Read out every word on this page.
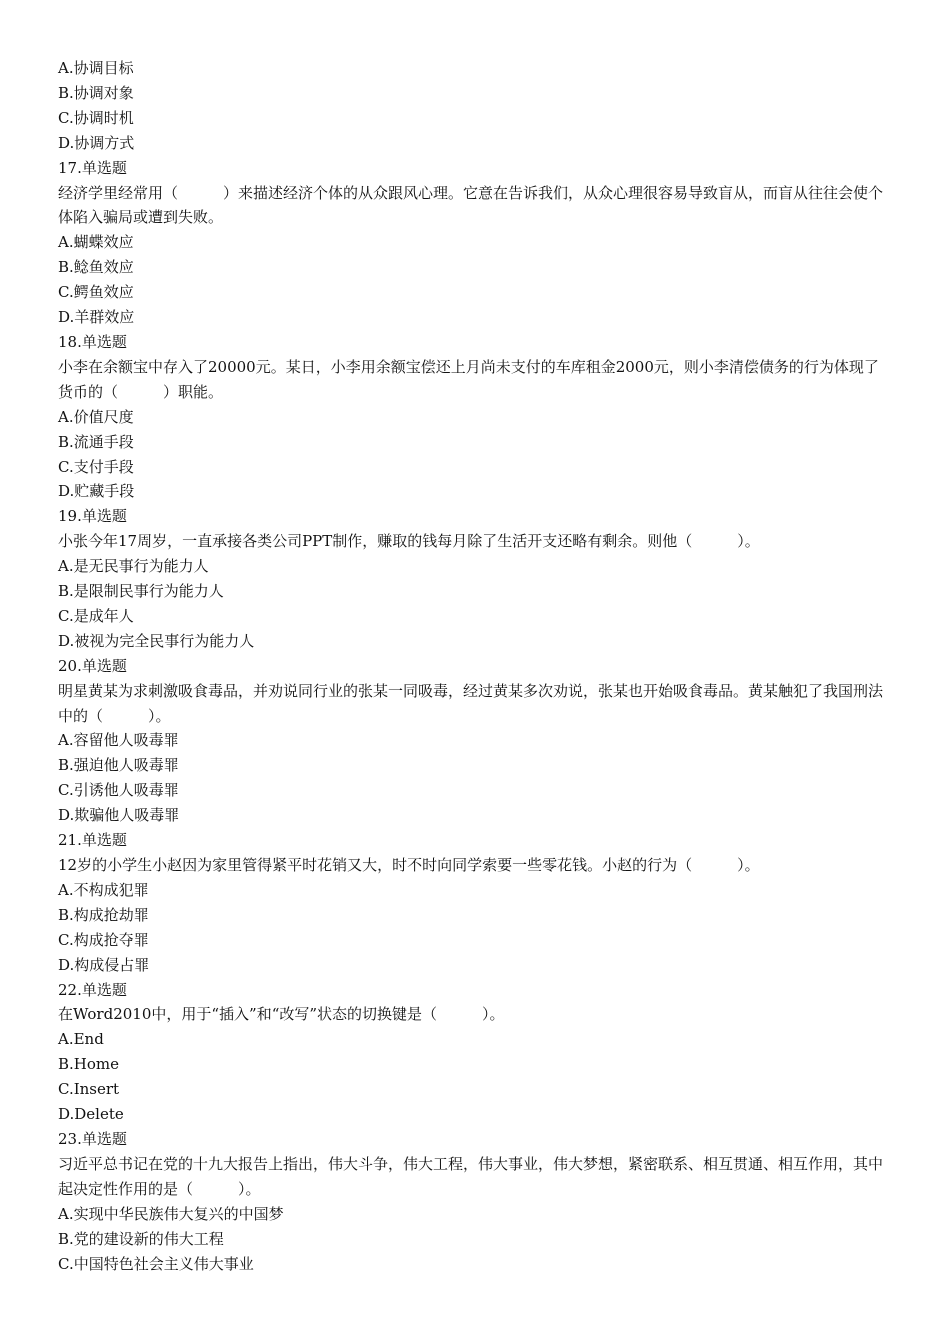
A.协调目标

B.协调对象

C.协调时机

D.协调方式

17.单选题

经济学里经常用（　　　）来描述经济个体的从众跟风心理。它意在告诉我们，从众心理很容易导致盲从，而盲从往往会使个体陷入骗局或遭到失败。

A.蝴蝶效应

B.鲶鱼效应

C.鳄鱼效应

D.羊群效应

18.单选题

小李在余额宝中存入了20000元。某日，小李用余额宝偿还上月尚未支付的车库租金2000元，则小李清偿债务的行为体现了货币的（　　　）职能。

A.价值尺度

B.流通手段

C.支付手段

D.贮藏手段

19.单选题

小张今年17周岁，一直承接各类公司PPT制作，赚取的钱每月除了生活开支还略有剩余。则他（　　　）。

A.是无民事行为能力人

B.是限制民事行为能力人

C.是成年人

D.被视为完全民事行为能力人

20.单选题

明星黄某为求刺激吸食毒品，并劝说同行业的张某一同吸毒，经过黄某多次劝说，张某也开始吸食毒品。黄某触犯了我国刑法中的（　　　）。

A.容留他人吸毒罪

B.强迫他人吸毒罪

C.引诱他人吸毒罪

D.欺骗他人吸毒罪

21.单选题

12岁的小学生小赵因为家里管得紧平时花销又大，时不时向同学索要一些零花钱。小赵的行为（　　　）。

A.不构成犯罪

B.构成抢劫罪

C.构成抢夺罪

D.构成侵占罪

22.单选题

在Word2010中，用于“插入”和“改写”状态的切换键是（　　　）。

A.End

B.Home

C.Insert

D.Delete

23.单选题

习近平总书记在党的十九大报告上指出，伟大斗争，伟大工程，伟大事业，伟大梦想，紧密联系、相互贯通、相互作用，其中起决定性作用的是（　　　）。

A.实现中华民族伟大复兴的中国梦

B.党的建设新的伟大工程

C.中国特色社会主义伟大事业
